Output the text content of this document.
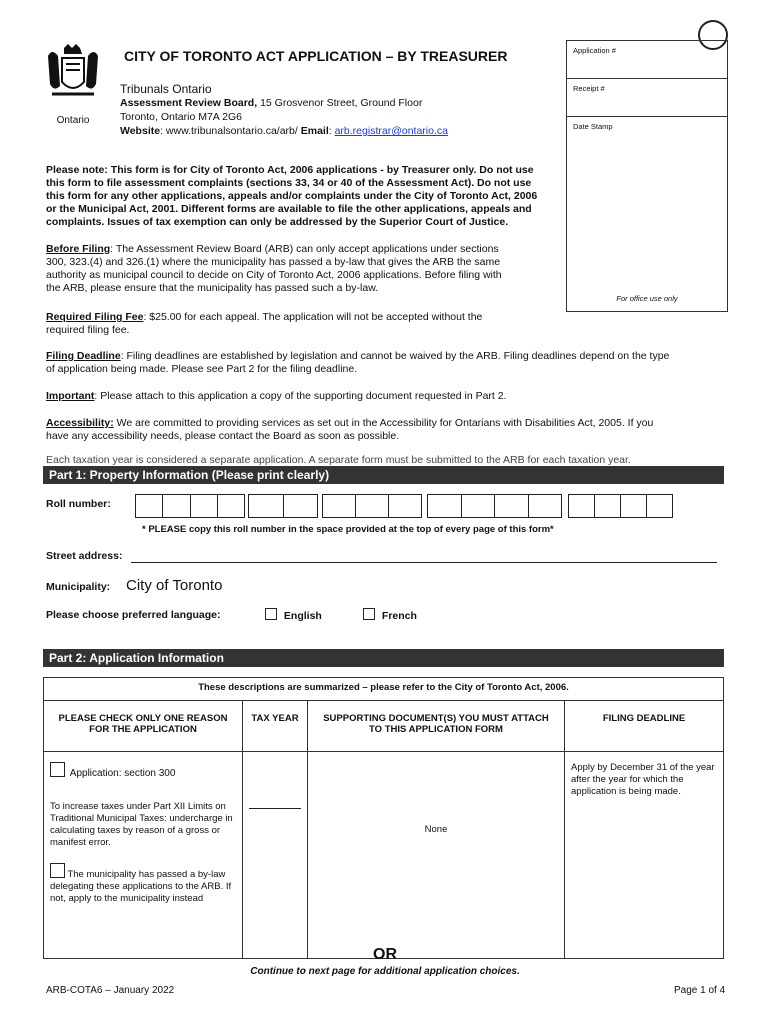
Ontario
CITY OF TORONTO ACT APPLICATION – BY TREASURER
Tribunals Ontario
Assessment Review Board, 15 Grosvenor Street, Ground Floor
Toronto, Ontario M7A 2G6
Website: www.tribunalsontario.ca/arb/ Email: arb.registrar@ontario.ca
Application #
Receipt #
Date Stamp
For office use only
Please note: This form is for City of Toronto Act, 2006 applications - by Treasurer only. Do not use
this form to file assessment complaints (sections 33, 34 or 40 of the Assessment Act). Do not use
this form for any other applications, appeals and/or complaints under the City of Toronto Act, 2006
or the Municipal Act, 2001. Different forms are available to file the other applications, appeals and
complaints. Issues of tax exemption can only be addressed by the Superior Court of Justice.
Before Filing: The Assessment Review Board (ARB) can only accept applications under sections
300, 323.(4) and 326.(1) where the municipality has passed a by-law that gives the ARB the same
authority as municipal council to decide on City of Toronto Act, 2006 applications. Before filing with
the ARB, please ensure that the municipality has passed such a by-law.
Required Filing Fee: $25.00 for each appeal. The application will not be accepted without the
required filing fee.
Filing Deadline: Filing deadlines are established by legislation and cannot be waived by the ARB. Filing deadlines depend on the type
of application being made. Please see Part 2 for the filing deadline.
Important: Please attach to this application a copy of the supporting document requested in Part 2.
Accessibility: We are committed to providing services as set out in the Accessibility for Ontarians with Disabilities Act, 2005. If you
have any accessibility needs, please contact the Board as soon as possible.
Each taxation year is considered a separate application. A separate form must be submitted to the ARB for each taxation year.
Part 1: Property Information (Please print clearly)
Roll number:
* PLEASE copy this roll number in the space provided at the top of every page of this form*
Street address:
Municipality: City of Toronto
Please choose preferred language:	English	French
Part 2: Application Information
These descriptions are summarized – please refer to the City of Toronto Act, 2006.			
PLEASE CHECK ONLY ONE REASON FOR THE APPLICATION	TAX YEAR	SUPPORTING DOCUMENT(S) YOU MUST ATTACH TO THIS APPLICATION FORM	FILING DEADLINE

Application: section 300
To increase taxes under Part XII Limits on Traditional Municipal Taxes: undercharge in calculating taxes by reason of a gross or manifest error.
The municipality has passed a by-law delegating these applications to the ARB. If not, apply to the municipality instead		None	Apply by December 31 of the year after the year for which the application is being made.
OR
Continue to next page for additional application choices.
ARB-COTA6 – January 2022	Page 1 of 4
